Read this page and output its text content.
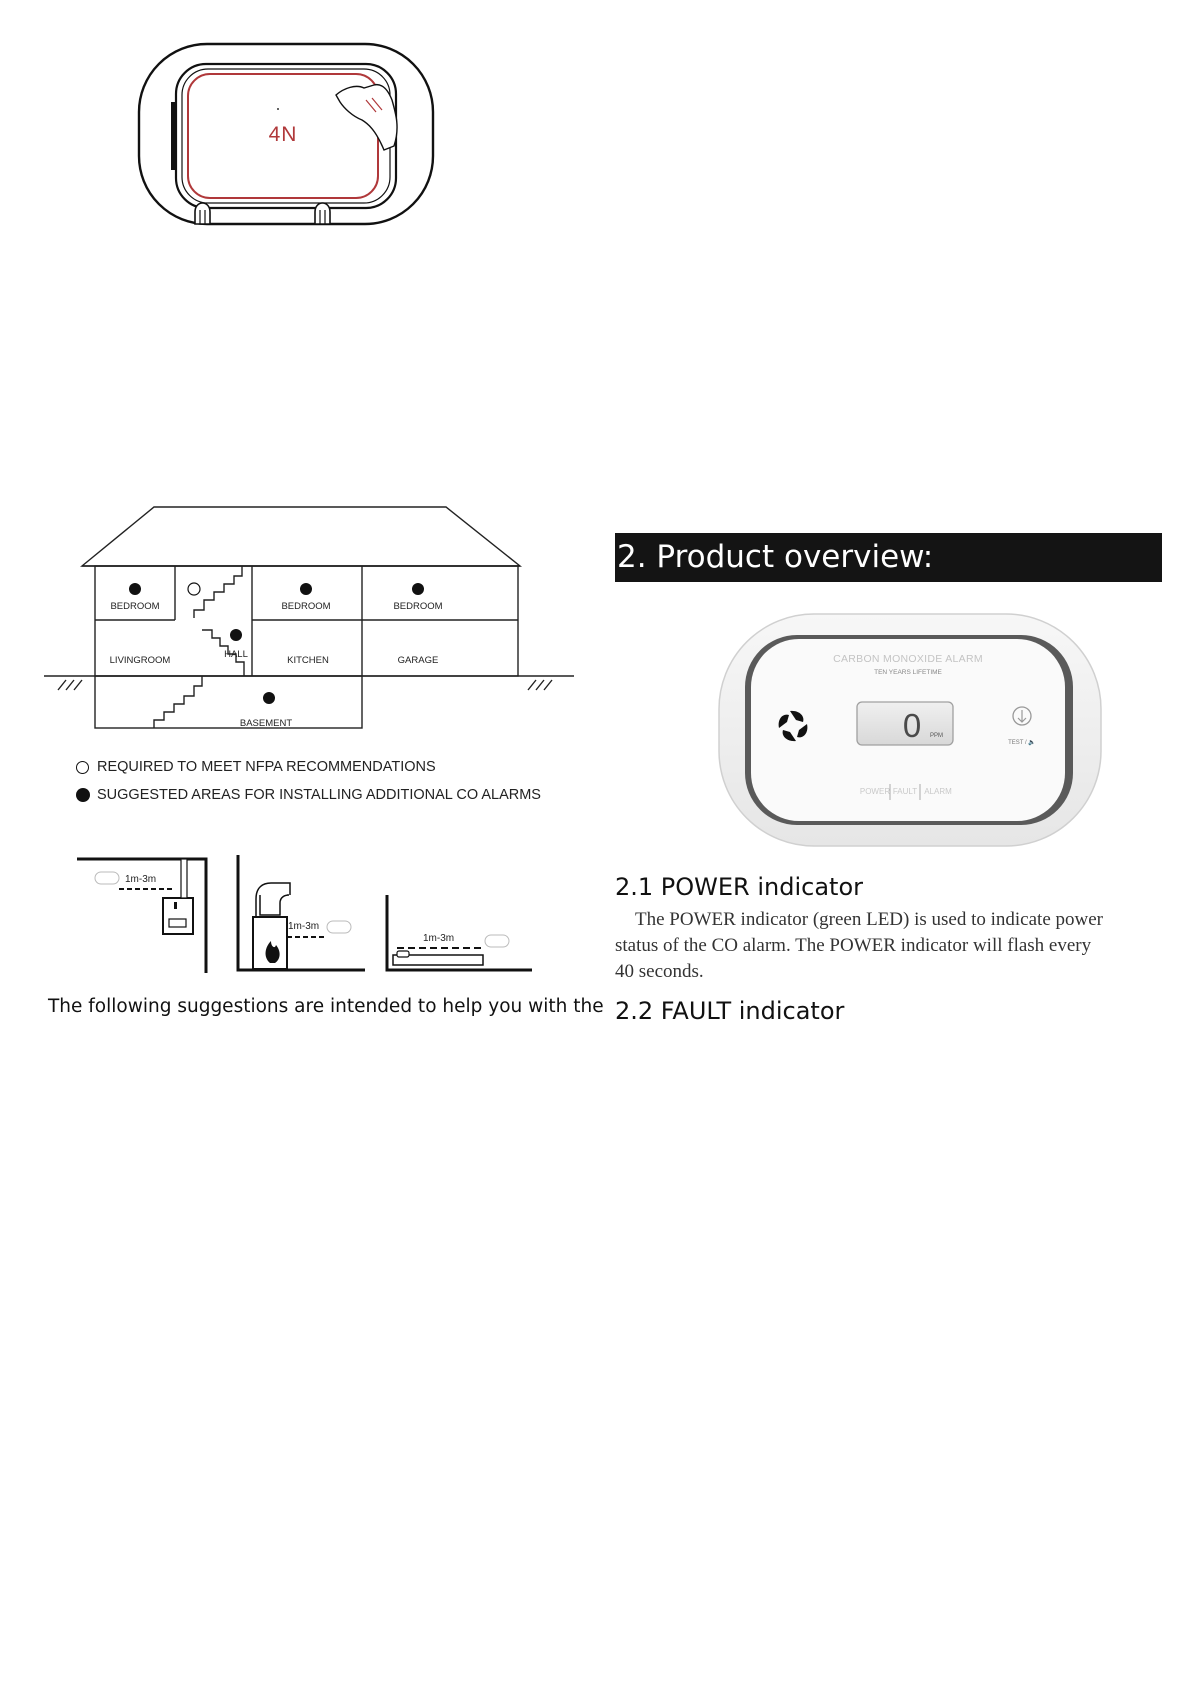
4N
BEDROOM	BEDROOM	BEDROOM
LIVINGROOM
HALL
KITCHEN	GARAGE
BASEMENT
REQUIRED TO MEET NFPA RECOMMENDATIONS
SUGGESTED AREAS FOR INSTALLING ADDITIONAL CO ALARMS
1m-3m
1m-3m
1m-3m
The following suggestions are intended to help you with the
2. Product overview:
CARBON MONOXIDE ALARM
TEN YEARS LIFETIME
0 PPM
TEST / 🔈
POWER FAULT ALARM
2.1 POWER indicator
The POWER indicator (green LED) is used to indicate power
status of the CO alarm. The POWER indicator will flash every
40 seconds.
2.2 FAULT indicator
